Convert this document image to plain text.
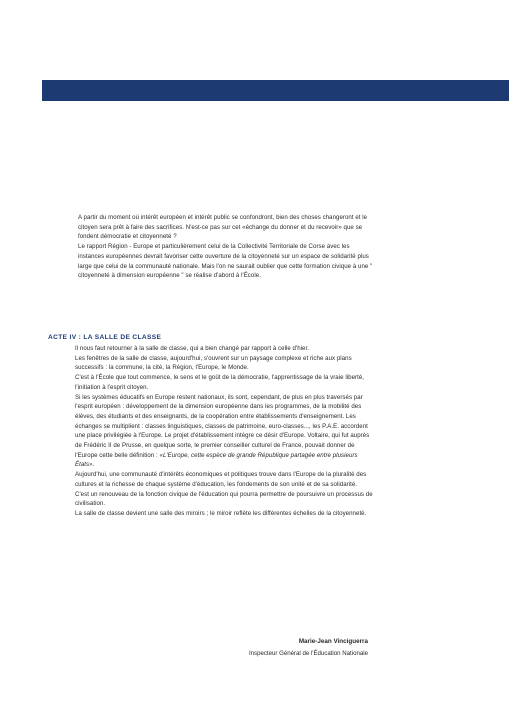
A partir du moment où intérêt européen et intérêt public se confondront, bien des choses changeront et le citoyen sera prêt à faire des sacrifices. N'est-ce pas sur cet «échange du donner et du recevoir» que se fondent démocratie et citoyenneté ?

Le rapport Région - Europe et particulièrement celui de la Collectivité Territoriale de Corse avec les instances européennes devrait favoriser cette ouverture de la citoyenneté sur un espace de solidarité plus large que celui de la communauté nationale. Mais l'on ne saurait oublier que cette formation civique à une " citoyenneté à dimension européenne " se réalise d'abord à l'École.

ACTE IV : LA SALLE DE CLASSE

Il nous faut retourner à la salle de classe, qui a bien changé par rapport à celle d'hier.

Les fenêtres de la salle de classe, aujourd'hui, s'ouvrent sur un paysage complexe et riche aux plans successifs : la commune, la cité, la Région, l'Europe, le Monde.

C'est à l'École que tout commence, le sens et le goût de la démocratie, l'apprentissage de la vraie liberté, l'initiation à l'esprit citoyen.

Si les systèmes éducatifs en Europe restent nationaux, ils sont, cependant, de plus en plus traversés par l'esprit européen : développement de la dimension européenne dans les programmes, de la mobilité des élèves, des étudiants et des enseignants, de la coopération entre établissements d'enseignement. Les échanges se multiplient : classes linguistiques, classes de patrimoine, euro-classes..., les P.A.E. accordent une place privilégiée à l'Europe. Le projet d'établissement intègre ce désir d'Europe. Voltaire, qui fut auprès de Frédéric II de Prusse, en quelque sorte, le premier conseiller culturel de France, pouvait donner de l'Europe cette belle définition : «L'Europe, cette espèce de grande République partagée entre plusieurs États».

Aujourd'hui, une communauté d'intérêts économiques et politiques trouve dans l'Europe de la pluralité des cultures et la richesse de chaque système d'éducation, les fondements de son unité et de sa solidarité.

C'est un renouveau de la fonction civique de l'éducation qui pourra permettre de poursuivre un processus de civilisation.

La salle de classe devient une salle des miroirs ; le miroir reflète les différentes échelles de la citoyenneté.

Marie-Jean Vinciguerra
Inspecteur Général de l'Éducation Nationale
